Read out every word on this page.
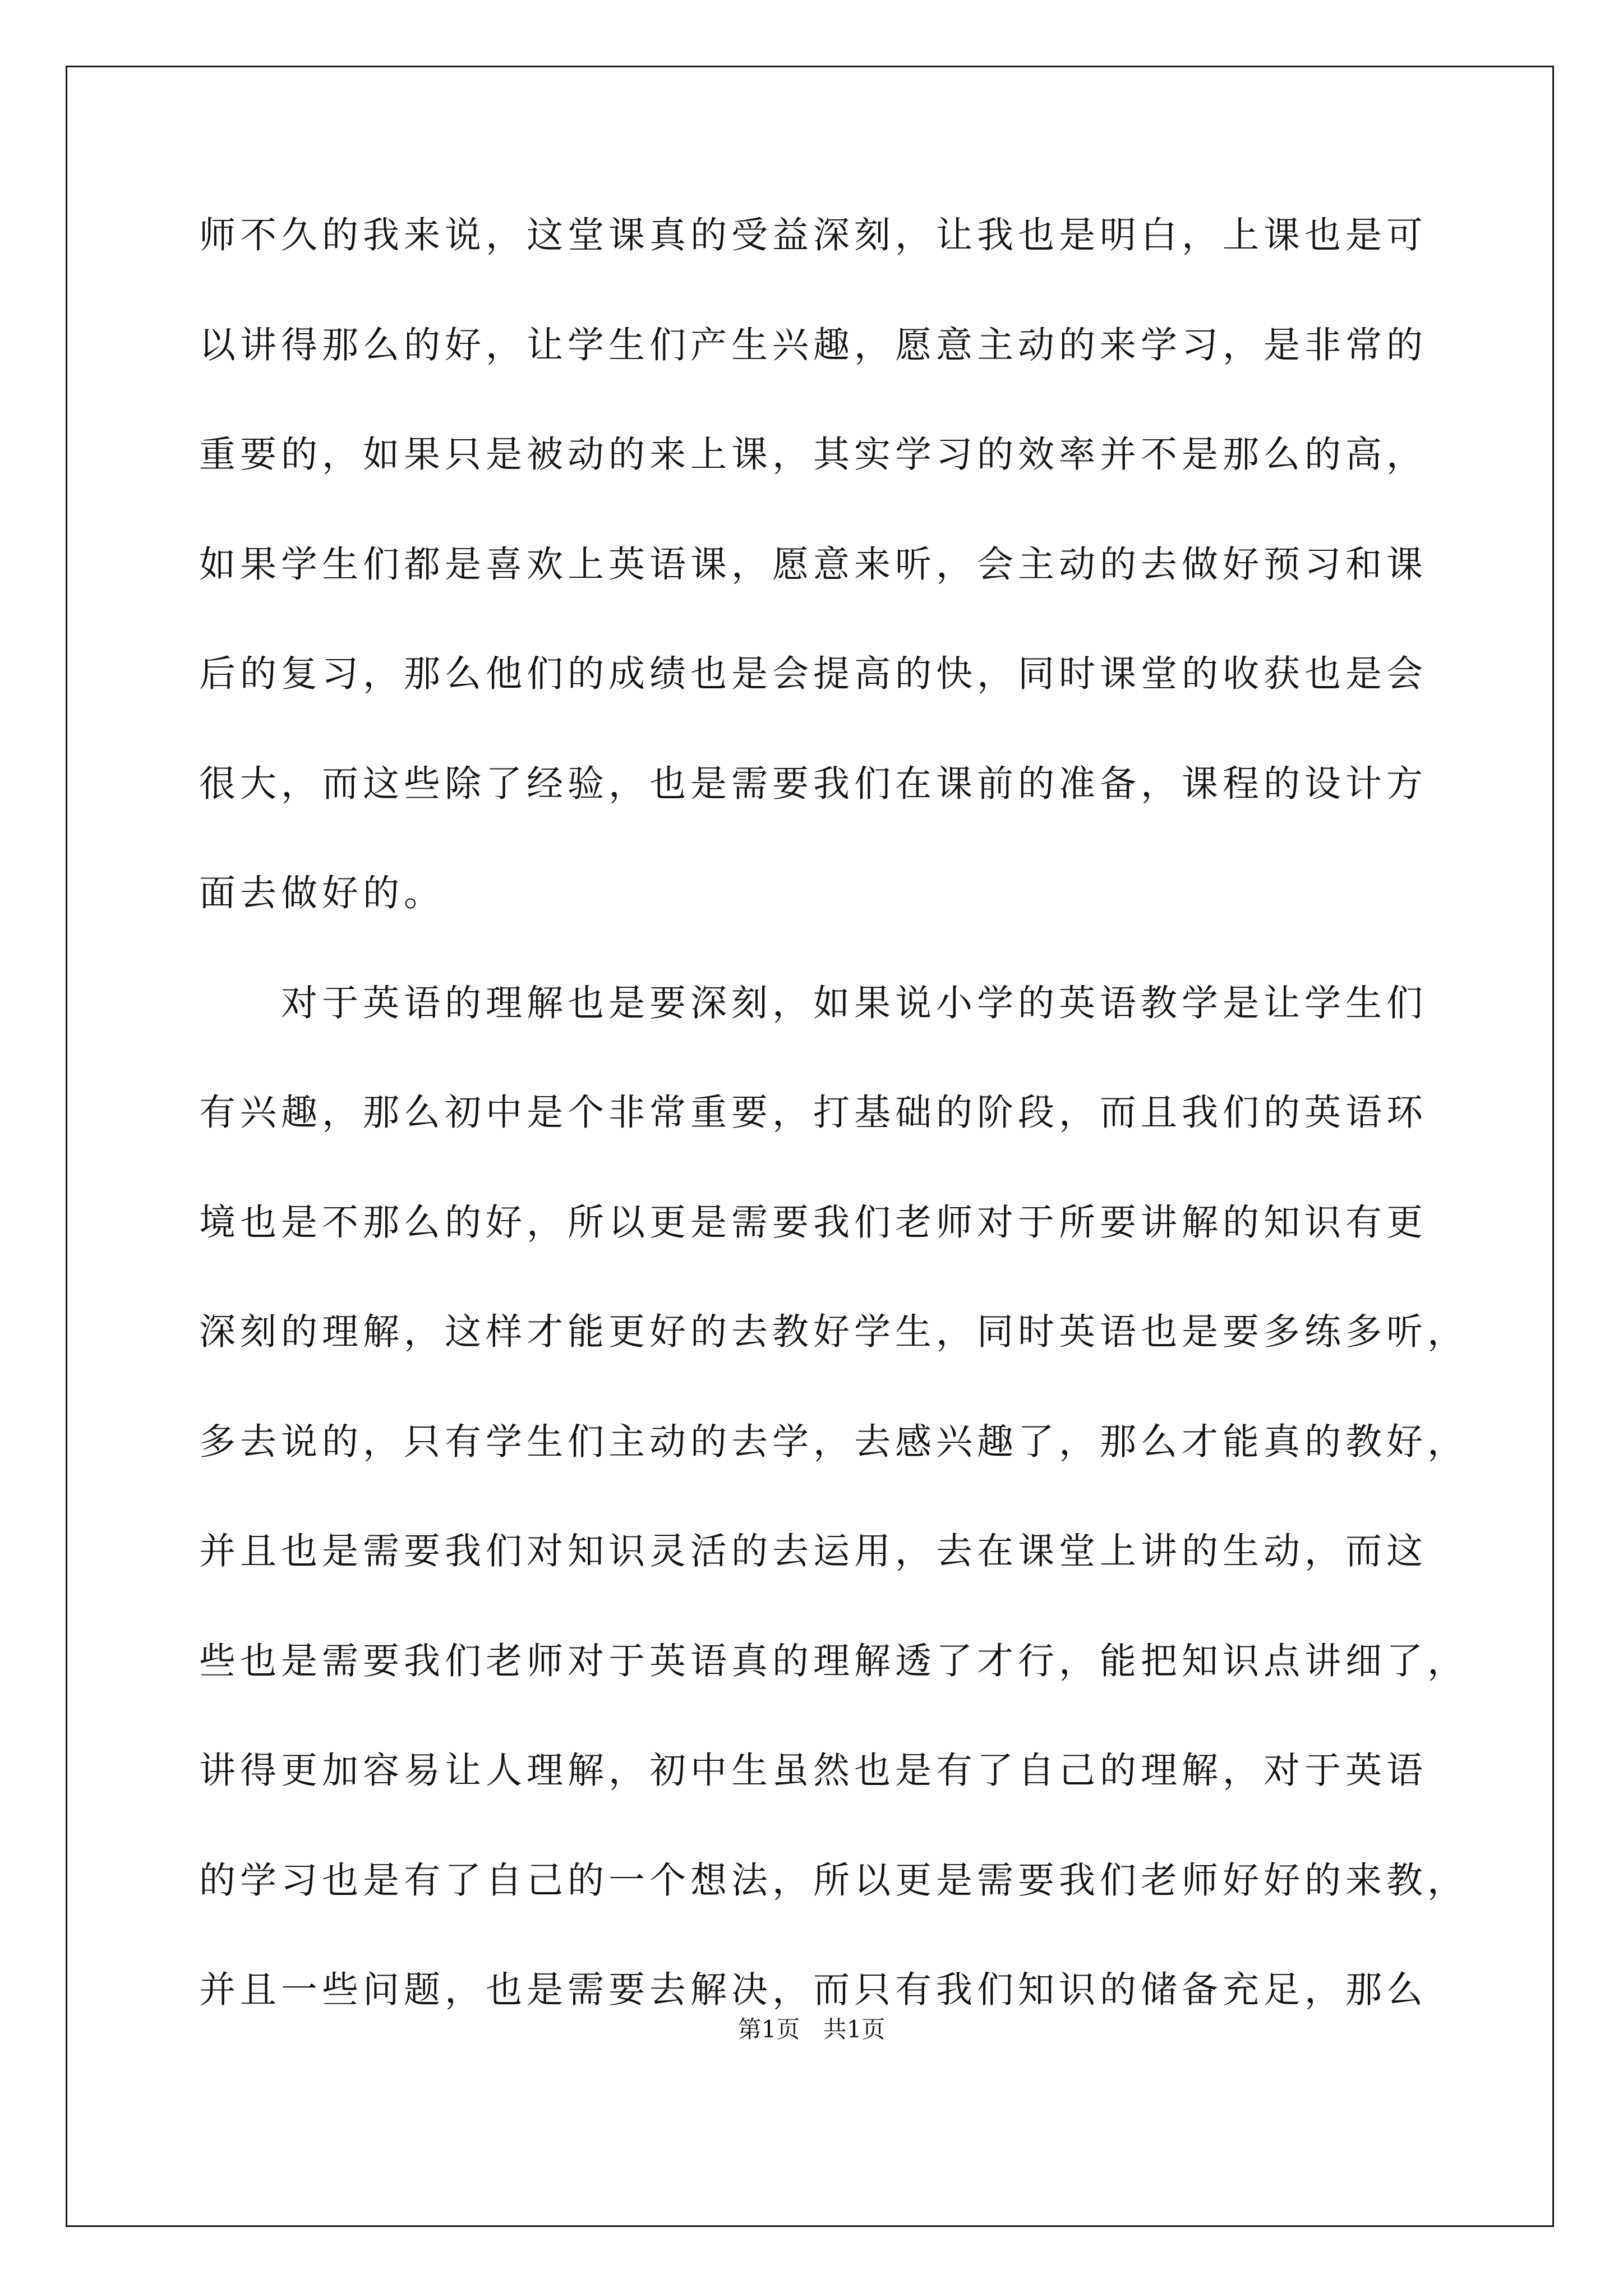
师不久的我来说，这堂课真的受益深刻，让我也是明白，上课也是可
以讲得那么的好，让学生们产生兴趣，愿意主动的来学习，是非常的
重要的，如果只是被动的来上课，其实学习的效率并不是那么的高，
如果学生们都是喜欢上英语课，愿意来听，会主动的去做好预习和课
后的复习，那么他们的成绩也是会提高的快，同时课堂的收获也是会
很大，而这些除了经验，也是需要我们在课前的准备，课程的设计方
面去做好的。
　　对于英语的理解也是要深刻，如果说小学的英语教学是让学生们
有兴趣，那么初中是个非常重要，打基础的阶段，而且我们的英语环
境也是不那么的好，所以更是需要我们老师对于所要讲解的知识有更
深刻的理解，这样才能更好的去教好学生，同时英语也是要多练多听，
多去说的，只有学生们主动的去学，去感兴趣了，那么才能真的教好，
并且也是需要我们对知识灵活的去运用，去在课堂上讲的生动，而这
些也是需要我们老师对于英语真的理解透了才行，能把知识点讲细了，
讲得更加容易让人理解，初中生虽然也是有了自己的理解，对于英语
的学习也是有了自己的一个想法，所以更是需要我们老师好好的来教，
并且一些问题，也是需要去解决，而只有我们知识的储备充足，那么
第1页 共1页
